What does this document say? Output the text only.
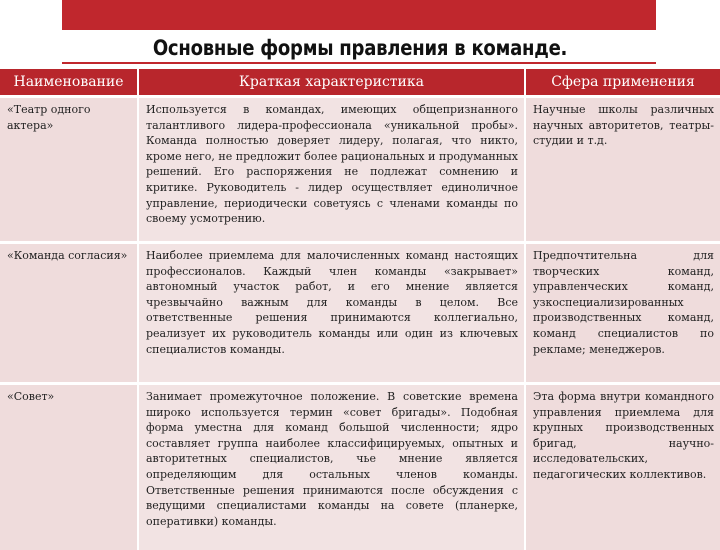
Основные формы правления в команде.
Наименование	Краткая характеристика	Сфера применения
«Театр одного актера»	Используется в командах, имеющих общепризнанного талантливого лидера-профессионала «уникальной пробы». Команда полностью доверяет лидеру, полагая, что никто, кроме него, не предложит более рациональных и продуманных решений. Его распоряжения не подлежат сомнению и критике. Руководитель - лидер осуществляет единоличное управление, периодически советуясь с членами команды по своему усмотрению.	Научные школы различных научных авторитетов, театры-студии и т.д.
«Команда согласия»	Наиболее приемлема для малочисленных команд настоящих профессионалов. Каждый член команды «закрывает» автономный участок работ, и его мнение является чрезвычайно важным для команды в целом. Все ответственные решения принимаются коллегиально, реализует их руководитель команды или один из ключевых специалистов команды.	Предпочтительна для творческих команд, управленческих команд, узкоспециализированных производственных команд, команд специалистов по рекламе; менеджеров.
«Совет»	Занимает промежуточное положение. В советские времена широко используется термин «совет бригады». Подобная форма уместна для команд большой численности; ядро составляет группа наиболее классифицируемых, опытных и авторитетных специалистов, чье мнение является определяющим для остальных членов команды. Ответственные решения принимаются после обсуждения с ведущими специалистами команды на совете (планерке, оперативки) команды.	Эта форма внутри командного управления приемлема для крупных производственных бригад, научно-исследовательских, педагогических коллективов.
